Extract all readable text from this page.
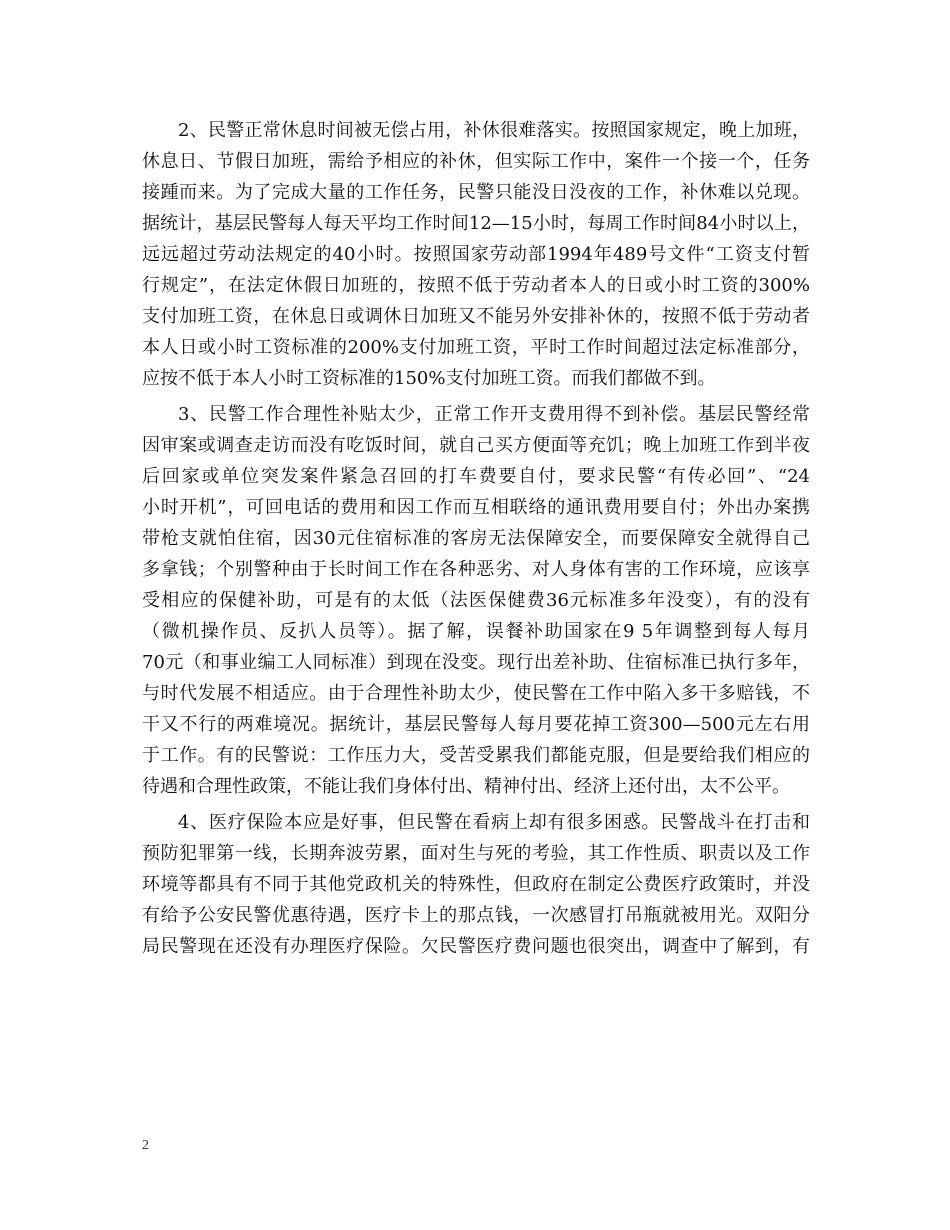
2、民警正常休息时间被无偿占用，补休很难落实。按照国家规定，晚上加班，
休息日、节假日加班，需给予相应的补休，但实际工作中，案件一个接一个，任务
接踵而来。为了完成大量的工作任务，民警只能没日没夜的工作，补休难以兑现。
据统计，基层民警每人每天平均工作时间12—15小时，每周工作时间84小时以上，
远远超过劳动法规定的40小时。按照国家劳动部1994年489号文件“工资支付暂
行规定”，在法定休假日加班的，按照不低于劳动者本人的日或小时工资的300%
支付加班工资，在休息日或调休日加班又不能另外安排补休的，按照不低于劳动者
本人日或小时工资标准的200%支付加班工资，平时工作时间超过法定标准部分，
应按不低于本人小时工资标准的150%支付加班工资。而我们都做不到。
3、民警工作合理性补贴太少，正常工作开支费用得不到补偿。基层民警经常
因审案或调查走访而没有吃饭时间，就自己买方便面等充饥；晚上加班工作到半夜
后回家或单位突发案件紧急召回的打车费要自付，要求民警“有传必回”、“24
小时开机”，可回电话的费用和因工作而互相联络的通讯费用要自付；外出办案携
带枪支就怕住宿，因30元住宿标准的客房无法保障安全，而要保障安全就得自己
多拿钱；个别警种由于长时间工作在各种恶劣、对人身体有害的工作环境，应该享
受相应的保健补助，可是有的太低（法医保健费36元标准多年没变），有的没有
（微机操作员、反扒人员等）。据了解，误餐补助国家在9 5年调整到每人每月
70元（和事业编工人同标准）到现在没变。现行出差补助、住宿标准已执行多年，
与时代发展不相适应。由于合理性补助太少，使民警在工作中陷入多干多赔钱，不
干又不行的两难境况。据统计，基层民警每人每月要花掉工资300—500元左右用
于工作。有的民警说：工作压力大，受苦受累我们都能克服，但是要给我们相应的
待遇和合理性政策，不能让我们身体付出、精神付出、经济上还付出，太不公平。
4、医疗保险本应是好事，但民警在看病上却有很多困惑。民警战斗在打击和
预防犯罪第一线，长期奔波劳累，面对生与死的考验，其工作性质、职责以及工作
环境等都具有不同于其他党政机关的特殊性，但政府在制定公费医疗政策时，并没
有给予公安民警优惠待遇，医疗卡上的那点钱，一次感冒打吊瓶就被用光。双阳分
局民警现在还没有办理医疗保险。欠民警医疗费问题也很突出，调查中了解到，有
2
